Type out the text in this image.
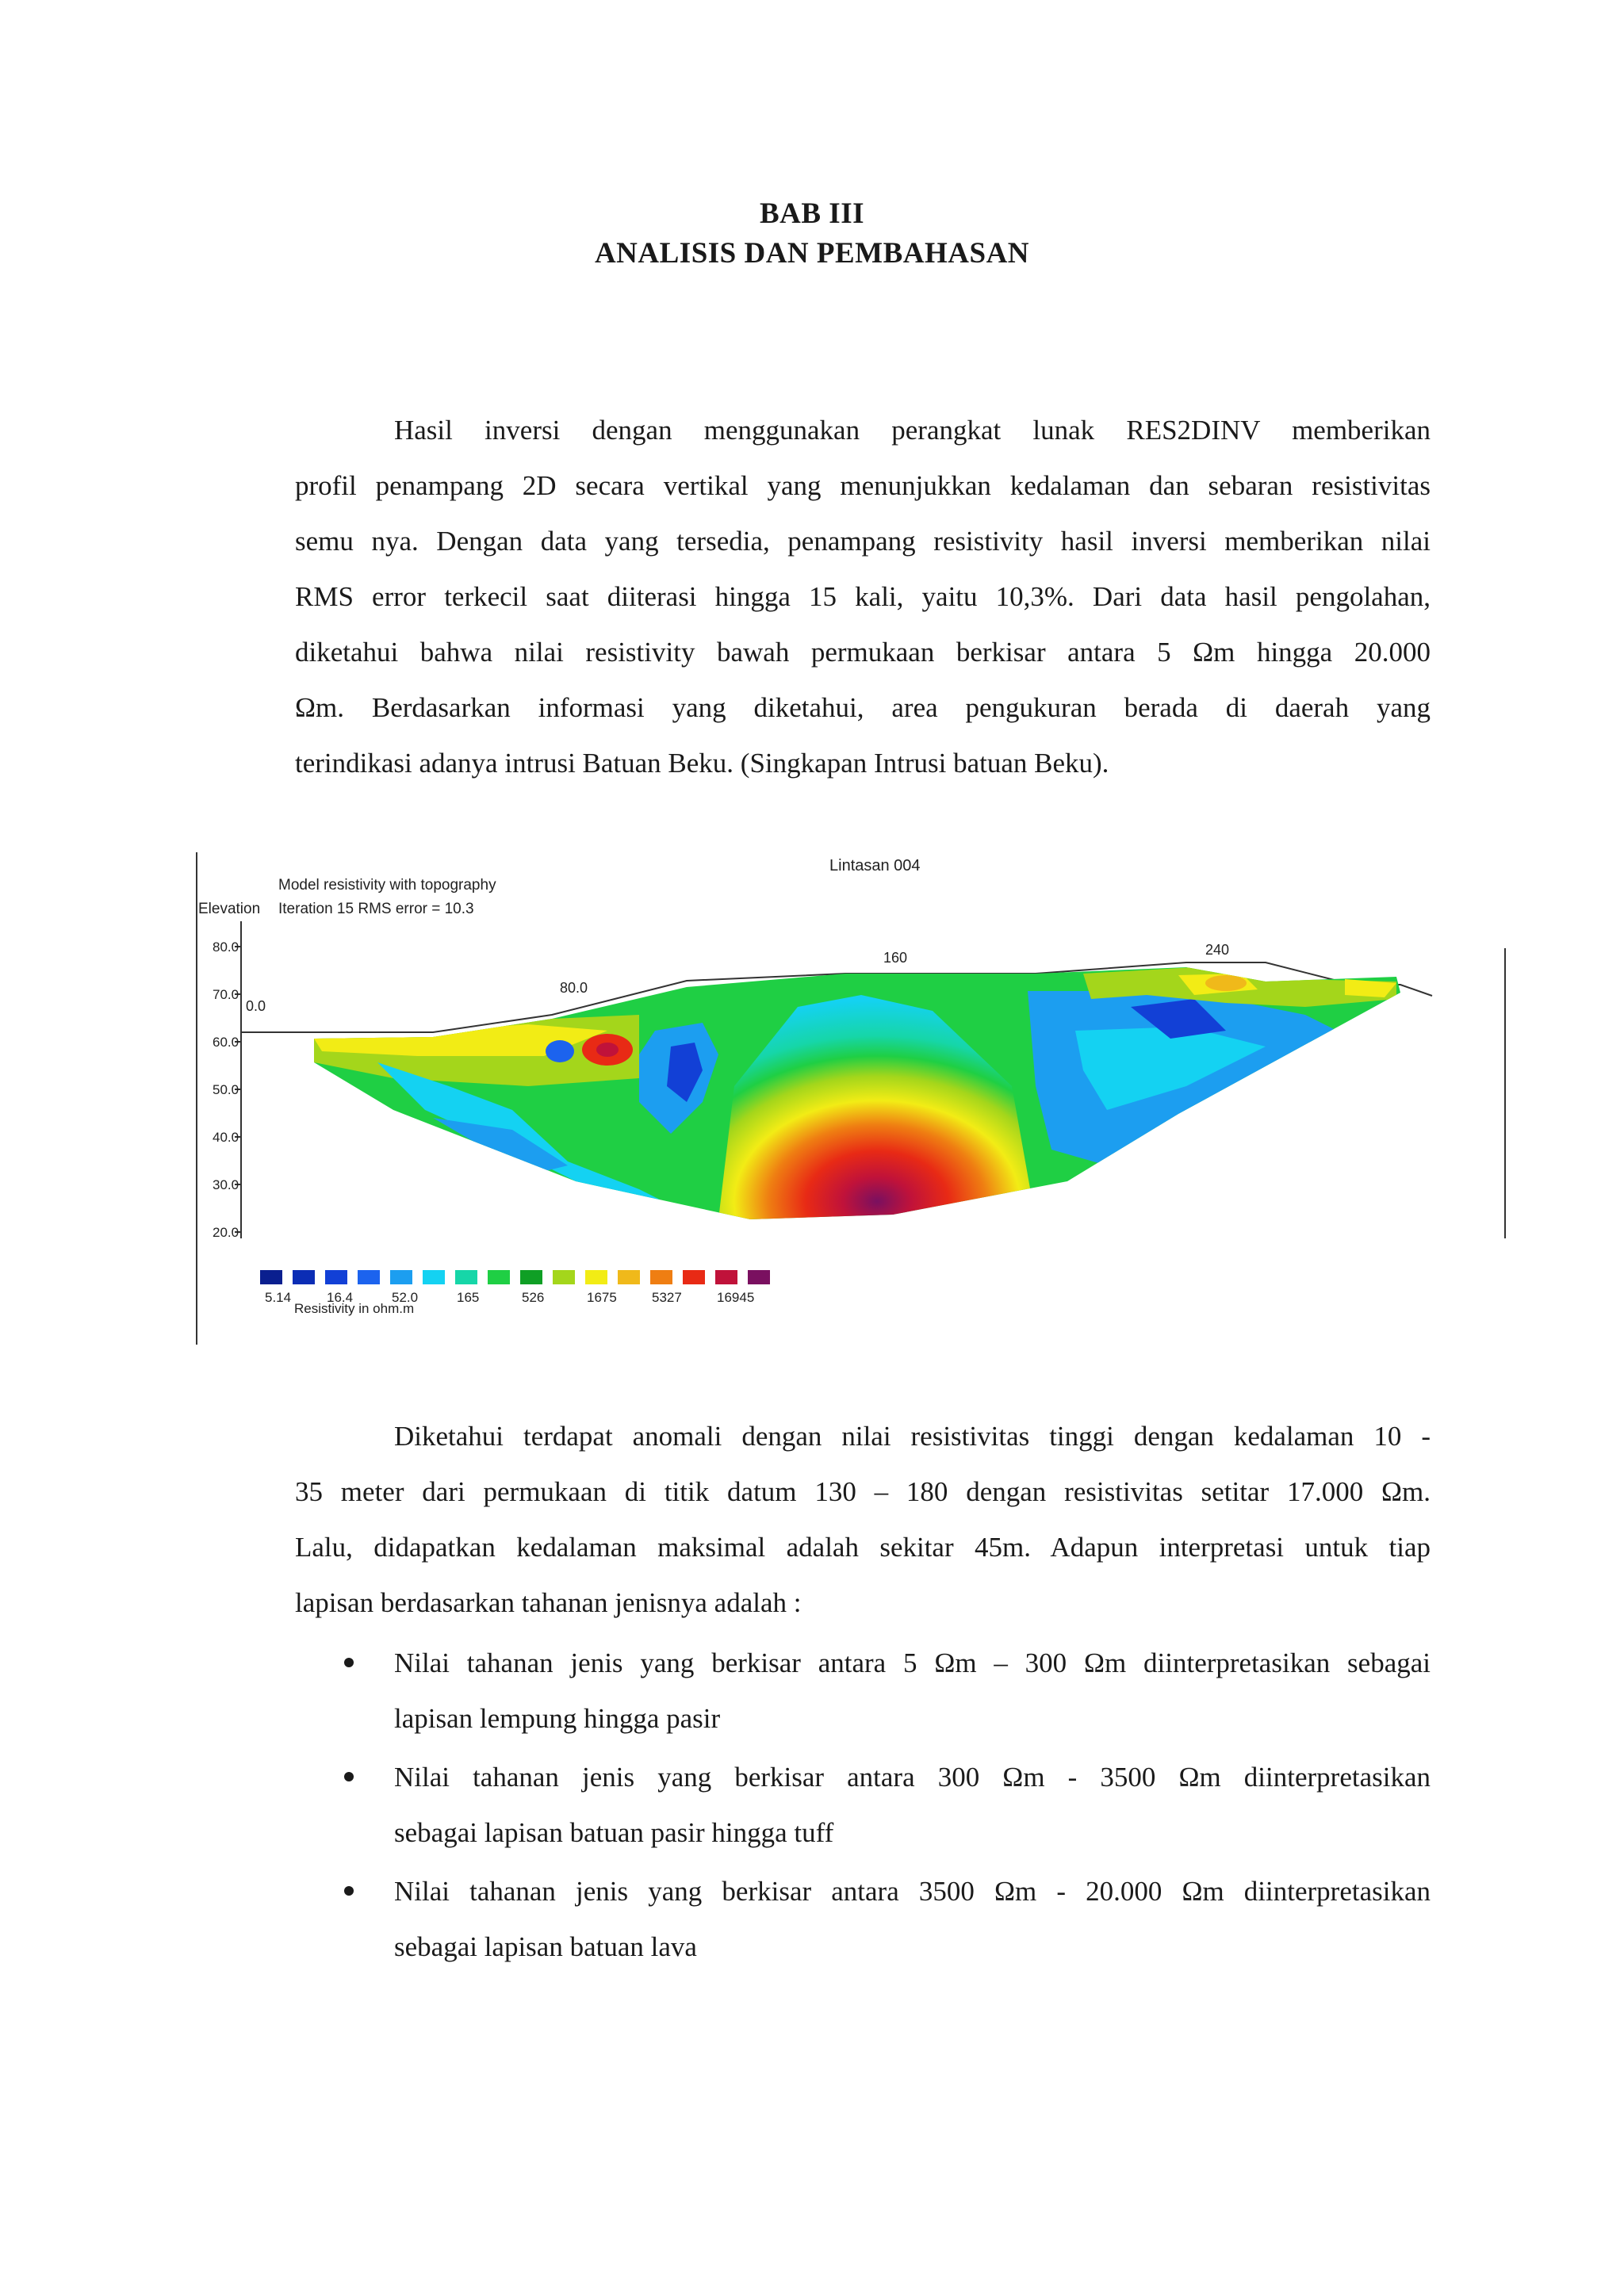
BAB III
ANALISIS DAN PEMBAHASAN
Hasil inversi dengan menggunakan perangkat lunak RES2DINV memberikan
profil penampang 2D secara vertikal yang menunjukkan kedalaman dan sebaran resistivitas
semu nya. Dengan data yang tersedia, penampang resistivity hasil inversi memberikan nilai
RMS error terkecil saat diiterasi hingga 15 kali, yaitu 10,3%. Dari data hasil pengolahan,
diketahui bahwa nilai resistivity bawah permukaan berkisar antara 5 Ωm hingga 20.000
Ωm. Berdasarkan informasi yang diketahui, area pengukuran berada di daerah yang
terindikasi adanya intrusi Batuan Beku. (Singkapan Intrusi batuan Beku).
Lintasan 004
Model resistivity with topography
Iteration 15 RMS error = 10.3
Elevation
80.0
70.0
60.0
50.0
40.0
30.0
20.0
0.0
80.0
160	240
5.14	16.4	52.0	165	526	1675	5327	16945
Resistivity in ohm.m
Diketahui terdapat anomali dengan nilai resistivitas tinggi dengan kedalaman 10 -
35 meter dari permukaan di titik datum 130 – 180 dengan resistivitas setitar 17.000 Ωm.
Lalu, didapatkan kedalaman maksimal adalah sekitar 45m. Adapun interpretasi untuk tiap
lapisan berdasarkan tahanan jenisnya adalah :
Nilai tahanan jenis yang berkisar antara 5 Ωm – 300 Ωm diinterpretasikan sebagai
lapisan lempung hingga pasir
Nilai tahanan jenis yang berkisar antara 300 Ωm - 3500 Ωm diinterpretasikan
sebagai lapisan batuan pasir hingga tuff
Nilai tahanan jenis yang berkisar antara 3500 Ωm - 20.000 Ωm diinterpretasikan
sebagai lapisan batuan lava
